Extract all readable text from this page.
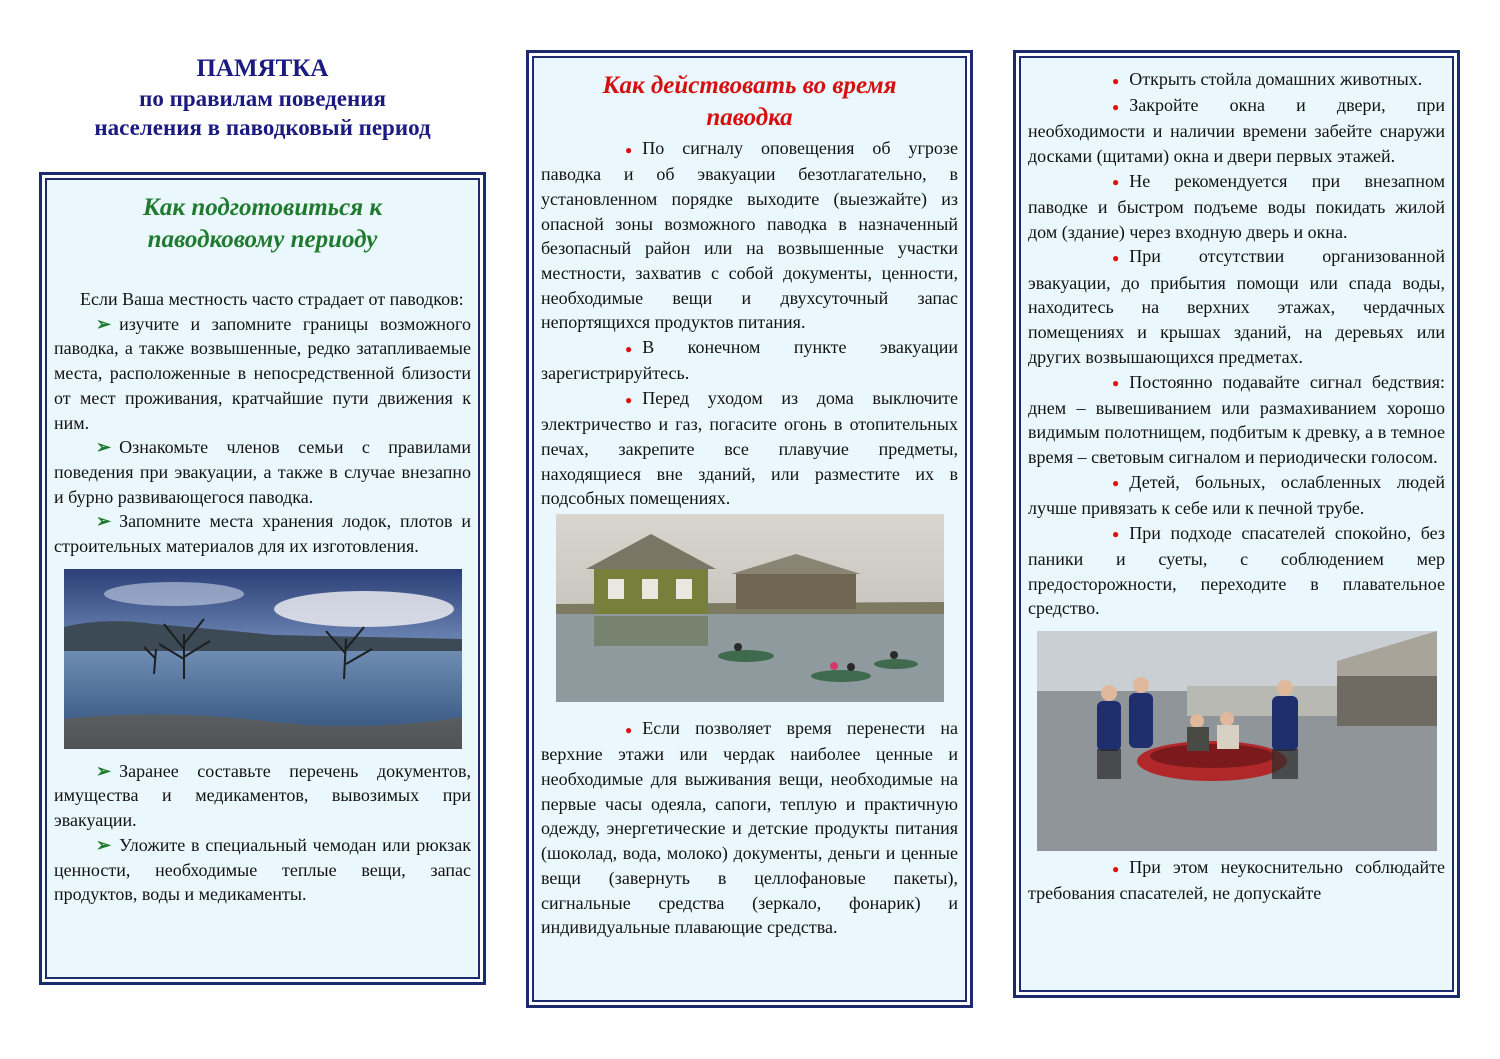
ПАМЯТКА
по правилам поведения
населения в паводковый период
Как подготовиться к
паводковому периоду

Если Ваша местность часто страдает от паводков:

➢ изучите и запомните границы возможного паводка, а также возвышенные, редко затапливаемые места, расположенные в непосредственной близости от мест проживания, кратчайшие пути движения к ним.

➢ Ознакомьте членов семьи с правилами поведения при эвакуации, а также в случае внезапно и бурно развивающегося паводка.

➢ Запомните места хранения лодок, плотов и строительных материалов для их изготовления.

➢ Заранее составьте перечень документов, имущества и медикаментов, вывозимых при эвакуации.

➢ Уложите в специальный чемодан или рюкзак ценности, необходимые теплые вещи, запас продуктов, воды и медикаменты.

Как действовать во время
паводка

● По сигналу оповещения об угрозе паводка и об эвакуации безотлагательно, в установленном порядке выходите (выезжайте) из опасной зоны возможного паводка в назначенный безопасный район или на возвышенные участки местности, захватив с собой документы, ценности, необходимые вещи и двухсуточный запас непортящихся продуктов питания.

● В конечном пункте эвакуации зарегистрируйтесь.

● Перед уходом из дома выключите электричество и газ, погасите огонь в отопительных печах, закрепите все плавучие предметы, находящиеся вне зданий, или разместите их в подсобных помещениях.

● Если позволяет время перенести на верхние этажи или чердак наиболее ценные и необходимые для выживания вещи, необходимые на первые часы одеяла, сапоги, теплую и практичную одежду, энергетические и детские продукты питания (шоколад, вода, молоко) документы, деньги и ценные вещи (завернуть в целлофановые пакеты), сигнальные средства (зеркало, фонарик) и индивидуальные плавающие средства.

● Открыть стойла домашних животных.

● Закройте окна и двери, при необходимости и наличии времени забейте снаружи досками (щитами) окна и двери первых этажей.

● Не рекомендуется при внезапном паводке и быстром подъеме воды покидать жилой дом (здание) через входную дверь и окна.

● При отсутствии организованной эвакуации, до прибытия помощи или спада воды, находитесь на верхних этажах, чердачных помещениях и крышах зданий, на деревьях или других возвышающихся предметах.

● Постоянно подавайте сигнал бедствия: днем – вывешиванием или размахиванием хорошо видимым полотнищем, подбитым к древку, а в темное время – световым сигналом и периодически голосом.

● Детей, больных, ослабленных людей лучше привязать к себе или к печной трубе.

● При подходе спасателей спокойно, без паники и суеты, с соблюдением мер предосторожности, переходите в плавательное средство.

● При этом неукоснительно соблюдайте требования спасателей, не допускайте
